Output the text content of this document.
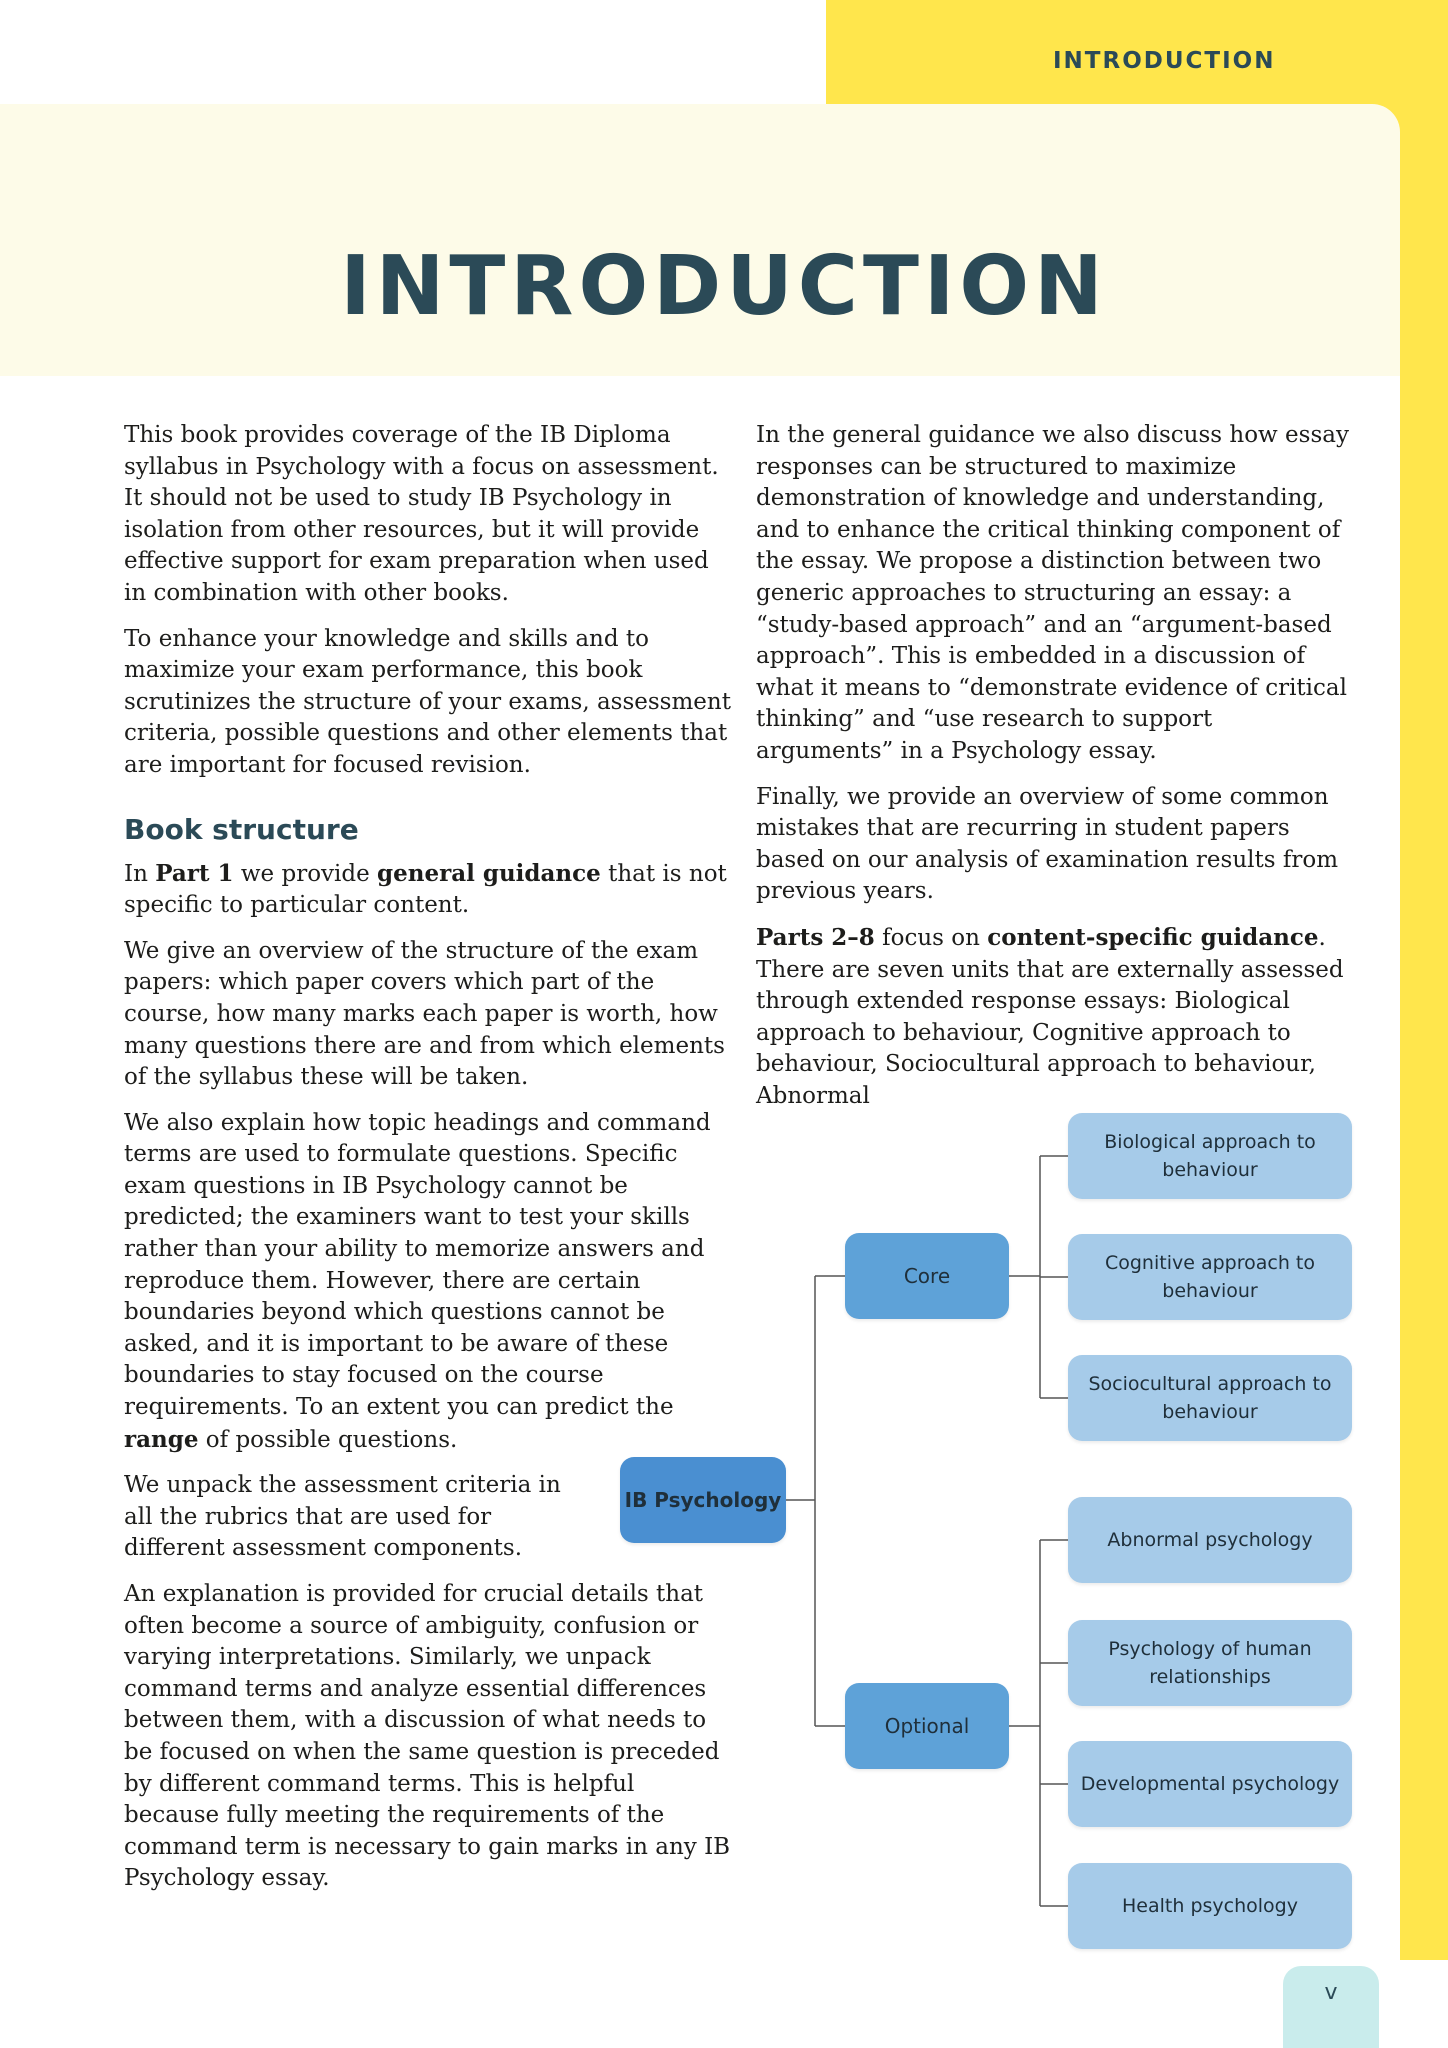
INTRODUCTION
INTRODUCTION

This book provides coverage of the IB Diploma syllabus in Psychology with a focus on assessment. It should not be used to study IB Psychology in isolation from other resources, but it will provide effective support for exam preparation when used in combination with other books.

To enhance your knowledge and skills and to maximize your exam performance, this book scrutinizes the structure of your exams, assessment criteria, possible questions and other elements that are important for focused revision.

Book structure

In Part 1 we provide general guidance that is not specific to particular content.

We give an overview of the structure of the exam papers: which paper covers which part of the course, how many marks each paper is worth, how many questions there are and from which elements of the syllabus these will be taken.

We also explain how topic headings and command terms are used to formulate questions. Specific exam questions in IB Psychology cannot be predicted; the examiners want to test your skills rather than your ability to memorize answers and reproduce them. However, there are certain boundaries beyond which questions cannot be asked, and it is important to be aware of these boundaries to stay focused on the course requirements. To an extent you can predict the range of possible questions.

We unpack the assessment criteria in all the rubrics that are used for different assessment components.

An explanation is provided for crucial details that often become a source of ambiguity, confusion or varying interpretations. Similarly, we unpack command terms and analyze essential differences between them, with a discussion of what needs to be focused on when the same question is preceded by different command terms. This is helpful because fully meeting the requirements of the command term is necessary to gain marks in any IB Psychology essay.

In the general guidance we also discuss how essay responses can be structured to maximize demonstration of knowledge and understanding, and to enhance the critical thinking component of the essay. We propose a distinction between two generic approaches to structuring an essay: a “study-based approach” and an “argument-based approach”. This is embedded in a discussion of what it means to “demonstrate evidence of critical thinking” and “use research to support arguments” in a Psychology essay.

Finally, we provide an overview of some common mistakes that are recurring in student papers based on our analysis of examination results from previous years.

Parts 2–8 focus on content-specific guidance. There are seven units that are externally assessed through extended response essays: Biological approach to behaviour, Cognitive approach to behaviour, Sociocultural approach to behaviour, Abnormal

IB Psychology
Core
Optional
Biological approach to behaviour
Cognitive approach to behaviour
Sociocultural approach to behaviour
Abnormal psychology
Psychology of human relationships
Developmental psychology
Health psychology
v
